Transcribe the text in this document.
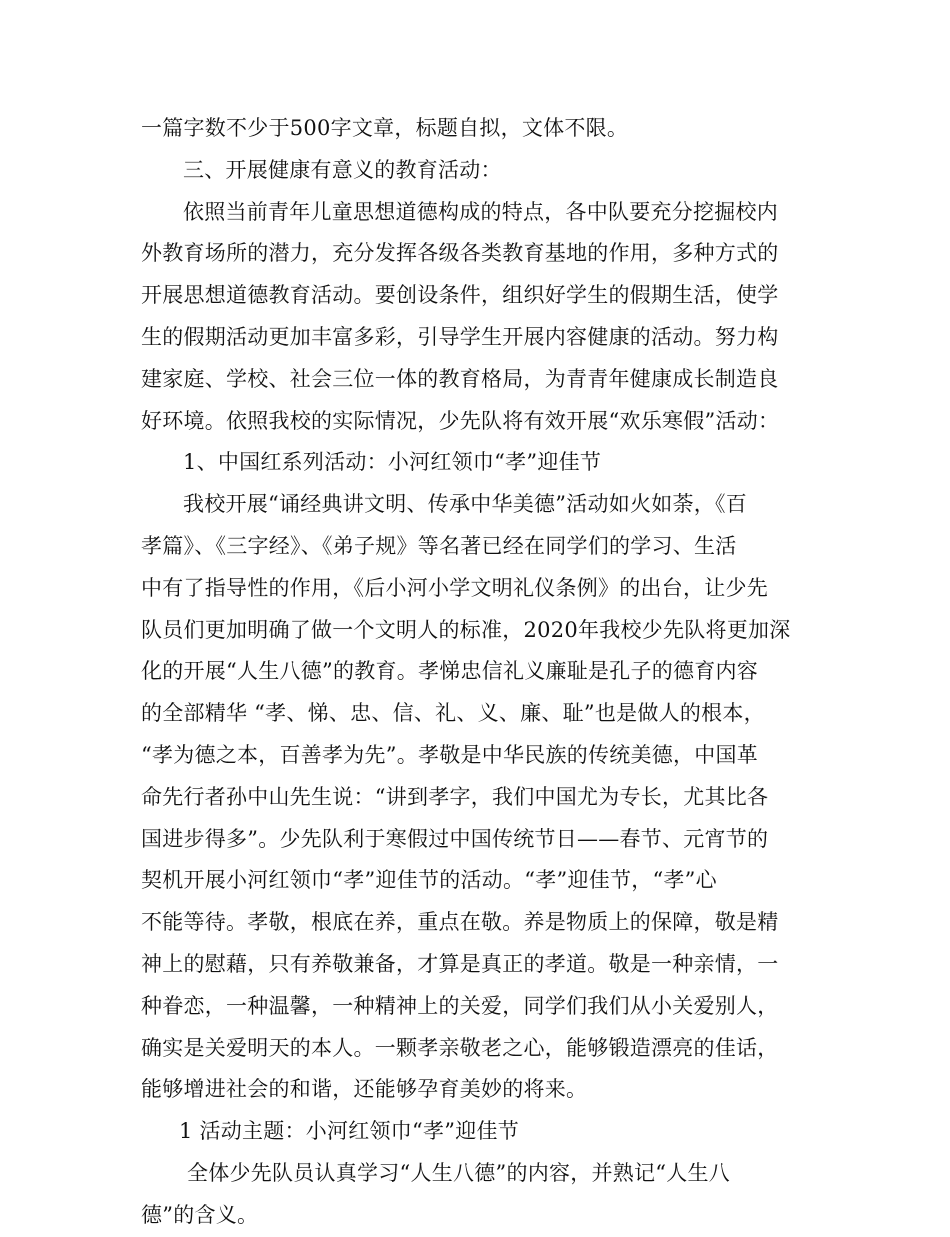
一篇字数不少于500字文章，标题自拟，文体不限。
三、开展健康有意义的教育活动：
依照当前青年儿童思想道德构成的特点，各中队要充分挖掘校内
外教育场所的潜力，充分发挥各级各类教育基地的作用，多种方式的
开展思想道德教育活动。要创设条件，组织好学生的假期生活，使学
生的假期活动更加丰富多彩，引导学生开展内容健康的活动。努力构
建家庭、学校、社会三位一体的教育格局，为青青年健康成长制造良
好环境。依照我校的实际情况，少先队将有效开展“欢乐寒假”活动：
1、中国红系列活动：小河红领巾“孝”迎佳节
我校开展“诵经典讲文明、传承中华美德”活动如火如荼，《百
孝篇》、《三字经》、《弟子规》等名著已经在同学们的学习、生活
中有了指导性的作用，《后小河小学文明礼仪条例》的出台，让少先
队员们更加明确了做一个文明人的标准，2020年我校少先队将更加深
化的开展“人生八德”的教育。孝悌忠信礼义廉耻是孔子的德育内容
的全部精华 “孝、悌、忠、信、礼、义、廉、耻”也是做人的根本，
“孝为德之本，百善孝为先”。孝敬是中华民族的传统美德，中国革
命先行者孙中山先生说：“讲到孝字，我们中国尤为专长，尤其比各
国进步得多”。少先队利于寒假过中国传统节日——春节、元宵节的
契机开展小河红领巾“孝”迎佳节的活动。“孝”迎佳节，“孝”心
不能等待。孝敬，根底在养，重点在敬。养是物质上的保障，敬是精
神上的慰藉，只有养敬兼备，才算是真正的孝道。敬是一种亲情，一
种眷恋，一种温馨，一种精神上的关爱，同学们我们从小关爱别人，
确实是关爱明天的本人。一颗孝亲敬老之心，能够锻造漂亮的佳话，
能够增进社会的和谐，还能够孕育美妙的将来。
1 活动主题：小河红领巾“孝”迎佳节
全体少先队员认真学习“人生八德”的内容，并熟记“人生八
德”的含义。
